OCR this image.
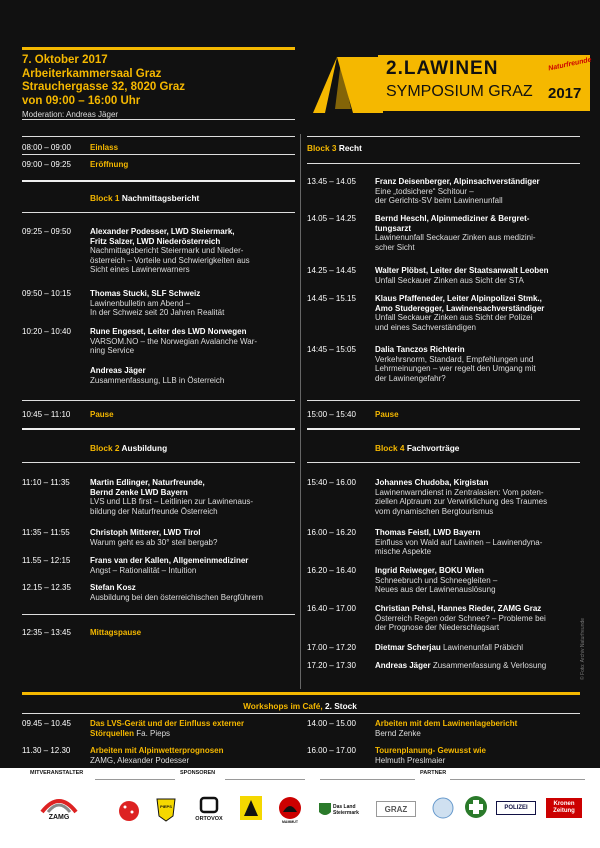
7. Oktober 2017
Arbeiterkammersaal Graz
Strauchergasse 32, 8020 Graz
von 09:00 – 16:00 Uhr
Moderation: Andreas Jäger
2.LAWINEN
SYMPOSIUM GRAZ 2017
Naturfreunde
08:00 – 09:00	Einlass
09:00 – 09:25	Eröffnung
Block 1 Nachmittagsbericht
09:25 – 09:50	Alexander Podesser, LWD Steiermark,
Fritz Salzer, LWD Niederösterreich
Nachmittagsbericht Steiermark und Nieder-
österreich – Vorteile und Schwierigkeiten aus
Sicht eines Lawinenwarners
09:50 – 10:15	Thomas Stucki, SLF Schweiz
Lawinenbulletin am Abend –
In der Schweiz seit 20 Jahren Realität
10:20 – 10:40	Rune Engeset, Leiter des LWD Norwegen
VARSOM.NO – the Norwegian Avalanche War-
ning Service
Andreas Jäger
Zusammenfassung, LLB in Österreich
10:45 – 11:10	Pause
Block 2 Ausbildung
11:10 – 11:35	Martin Edlinger, Naturfreunde,
Bernd Zenke LWD Bayern
LVS und LLB first – Leitlinien zur Lawinenaus-
bildung der Naturfreunde Österreich
11:35 – 11:55	Christoph Mitterer, LWD Tirol
Warum geht es ab 30° steil bergab?
11.55 – 12:15	Frans van der Kallen, Allgemeinmediziner
Angst – Rationalität – Intuition
12.15 – 12.35	Stefan Kosz
Ausbildung bei den österreichischen Bergführern
12:35 – 13:45	Mittagspause
Block 3 Recht
13.45 – 14.05	Franz Deisenberger, Alpinsachverständiger
Eine „todsichere“ Schitour –
der Gerichts-SV beim Lawinenunfall
14.05 – 14.25	Bernd Heschl, Alpinmediziner & Bergret-
tungsarzt
Lawinenunfall Seckauer Zinken aus medizini-
scher Sicht
14.25 – 14.45	Walter Plöbst, Leiter der Staatsanwalt Leoben
Unfall Seckauer Zinken aus Sicht der STA
14.45 – 15.15	Klaus Pfaffeneder, Leiter Alpinpolizei Stmk.,
Amo Studeregger, Lawinensachverständiger
Unfall Seckauer Zinken aus Sicht der Polizei
und eines Sachverständigen
14:45 – 15:05	Dalia Tanczos Richterin
Verkehrsnorm, Standard, Empfehlungen und
Lehrmeinungen – wer regelt den Umgang mit
der Lawinengefahr?
15:00 – 15:40	Pause
Block 4 Fachvorträge
15:40 – 16.00	Johannes Chudoba, Kirgistan
Lawinenwarndienst in Zentralasien: Vom poten-
ziellen Alptraum zur Verwirklichung des Traumes
vom dynamischen Bergtourismus
16.00 – 16.20	Thomas Feistl, LWD Bayern
Einfluss von Wald auf Lawinen – Lawinendyna-
mische Aspekte
16.20 – 16.40	Ingrid Reiweger, BOKU Wien
Schneebruch und Schneegleiten –
Neues aus der Lawinenauslösung
16.40 – 17.00	Christian Pehsl, Hannes Rieder, ZAMG Graz
Österreich Regen oder Schnee? – Probleme bei
der Prognose der Niederschlagsart
17.00 – 17.20	Dietmar Scherjau Lawinenunfall Präbichl
17.20 – 17.30	Andreas Jäger Zusammenfassung & Verlosung
Workshops im Café, 2. Stock
09.45 – 10.45	Das LVS-Gerät und der Einfluss externer
Störquellen Fa. Pieps
11.30 – 12.30	Arbeiten mit Alpinwetterprognosen
ZAMG, Alexander Podesser
14.00 – 15.00	Arbeiten mit dem Lawinenlagebericht
Bernd Zenke
16.00 – 17.00	Tourenplanung- Gewusst wie
Helmuth Preslmaier
© Foto: Archiv Naturfreunde
MITVERANSTALTER	SPONSOREN	PARTNER
ZAMG
PIEPS
ORTOVOX	MAMMUT
Das Land Steiermark	GRAZ	POLIZEI
Kronen Zeitung
